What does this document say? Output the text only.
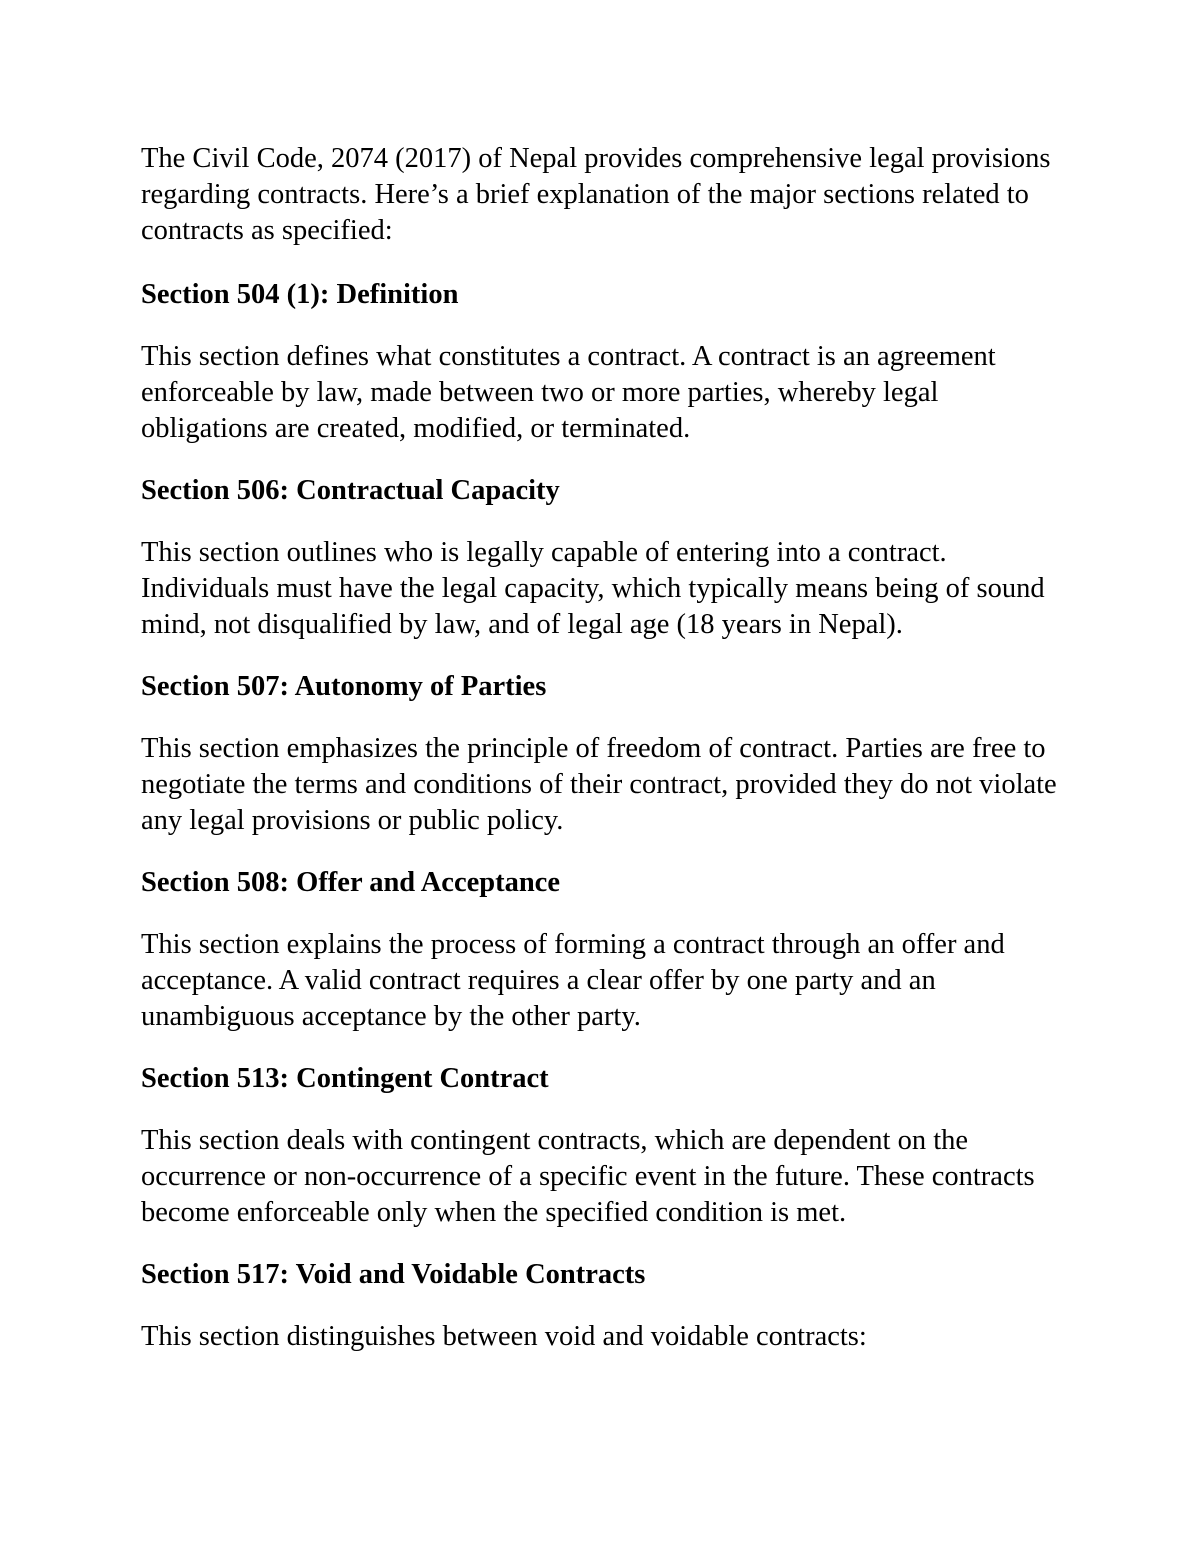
The Civil Code, 2074 (2017) of Nepal provides comprehensive legal provisions regarding contracts. Here’s a brief explanation of the major sections related to contracts as specified:

Section 504 (1): Definition

This section defines what constitutes a contract. A contract is an agreement enforceable by law, made between two or more parties, whereby legal obligations are created, modified, or terminated.

Section 506: Contractual Capacity

This section outlines who is legally capable of entering into a contract. Individuals must have the legal capacity, which typically means being of sound mind, not disqualified by law, and of legal age (18 years in Nepal).

Section 507: Autonomy of Parties

This section emphasizes the principle of freedom of contract. Parties are free to negotiate the terms and conditions of their contract, provided they do not violate any legal provisions or public policy.

Section 508: Offer and Acceptance

This section explains the process of forming a contract through an offer and acceptance. A valid contract requires a clear offer by one party and an unambiguous acceptance by the other party.

Section 513: Contingent Contract

This section deals with contingent contracts, which are dependent on the occurrence or non-occurrence of a specific event in the future. These contracts become enforceable only when the specified condition is met.

Section 517: Void and Voidable Contracts

This section distinguishes between void and voidable contracts:
